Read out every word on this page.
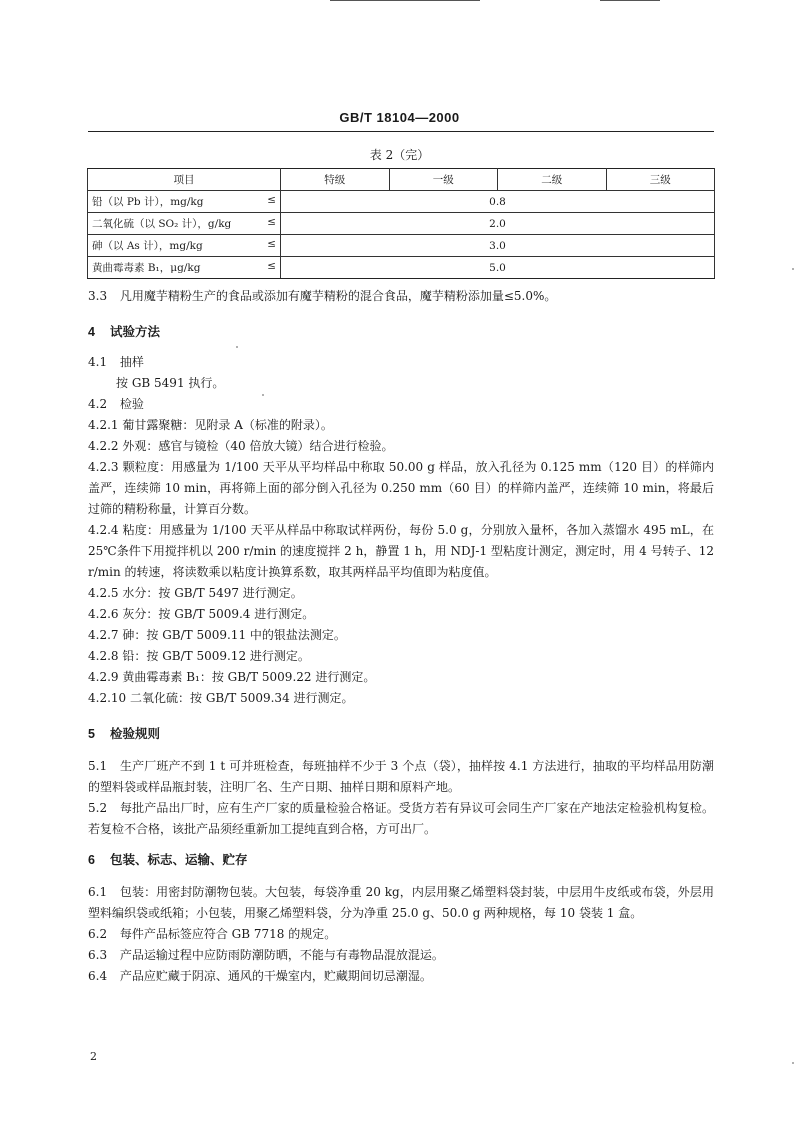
GB/T 18104—2000
表 2（完）
项目	特级	一级	二级	三级
铅（以 Pb 计），mg/kg ≤	0.8			
二氧化硫（以 SO₂ 计），g/kg ≤	2.0			
砷（以 As 计），mg/kg ≤	3.0			
黄曲霉毒素 B₁，μg/kg ≤	5.0			

3.3 凡用魔芋精粉生产的食品或添加有魔芋精粉的混合食品，魔芋精粉添加量≤5.0%。

4 试验方法

4.1 抽样

按 GB 5491 执行。

4.2 检验

4.2.1 葡甘露聚糖：见附录 A（标准的附录）。

4.2.2 外观：感官与镜检（40 倍放大镜）结合进行检验。

4.2.3 颗粒度：用感量为 1/100 天平从平均样品中称取 50.00 g 样品，放入孔径为 0.125 mm（120 目）的样筛内盖严，连续筛 10 min，再将筛上面的部分倒入孔径为 0.250 mm（60 目）的样筛内盖严，连续筛 10 min，将最后过筛的精粉称量，计算百分数。

4.2.4 粘度：用感量为 1/100 天平从样品中称取试样两份，每份 5.0 g，分别放入量杯，各加入蒸馏水 495 mL，在 25℃条件下用搅拌机以 200 r/min 的速度搅拌 2 h，静置 1 h，用 NDJ-1 型粘度计测定，测定时，用 4 号转子、12 r/min 的转速，将读数乘以粘度计换算系数，取其两样品平均值即为粘度值。

4.2.5 水分：按 GB/T 5497 进行测定。

4.2.6 灰分：按 GB/T 5009.4 进行测定。

4.2.7 砷：按 GB/T 5009.11 中的银盐法测定。

4.2.8 铅：按 GB/T 5009.12 进行测定。

4.2.9 黄曲霉毒素 B₁：按 GB/T 5009.22 进行测定。

4.2.10 二氧化硫：按 GB/T 5009.34 进行测定。

5 检验规则

5.1 生产厂班产不到 1 t 可并班检查，每班抽样不少于 3 个点（袋），抽样按 4.1 方法进行，抽取的平均样品用防潮的塑料袋或样品瓶封装，注明厂名、生产日期、抽样日期和原料产地。

5.2 每批产品出厂时，应有生产厂家的质量检验合格证。受货方若有异议可会同生产厂家在产地法定检验机构复检。若复检不合格，该批产品须经重新加工提纯直到合格，方可出厂。

6 包装、标志、运输、贮存

6.1 包装：用密封防潮物包装。大包装，每袋净重 20 kg，内层用聚乙烯塑料袋封装，中层用牛皮纸或布袋，外层用塑料编织袋或纸箱；小包装，用聚乙烯塑料袋，分为净重 25.0 g、50.0 g 两种规格，每 10 袋装 1 盒。

6.2 每件产品标签应符合 GB 7718 的规定。

6.3 产品运输过程中应防雨防潮防晒，不能与有毒物品混放混运。

6.4 产品应贮藏于阴凉、通风的干燥室内，贮藏期间切忌潮湿。

2
